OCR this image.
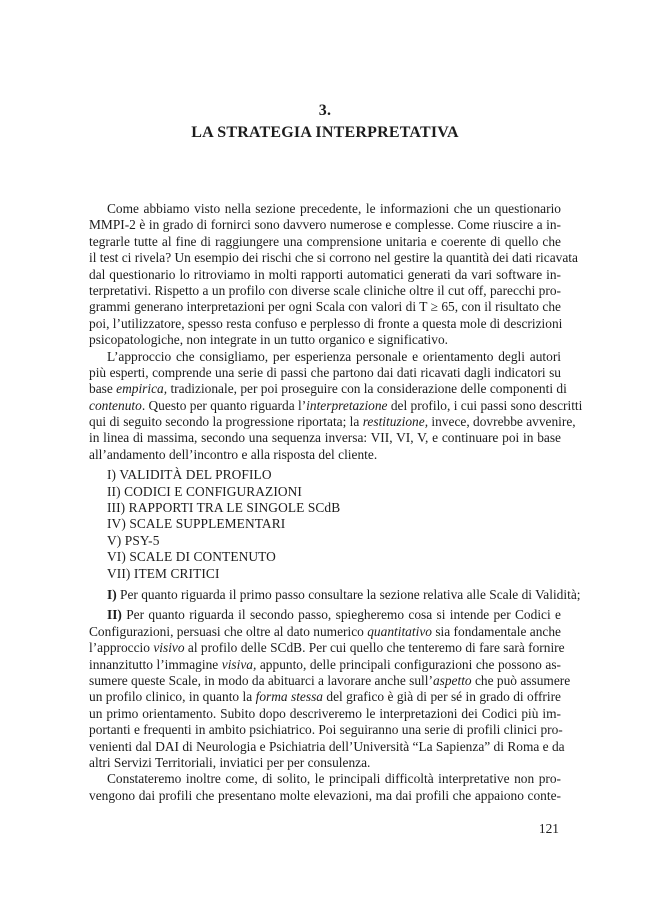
3.
LA STRATEGIA INTERPRETATIVA
Come abbiamo visto nella sezione precedente, le informazioni che un questionario
MMPI-2 è in grado di fornirci sono davvero numerose e complesse. Come riuscire a in-
tegrarle tutte al fine di raggiungere una comprensione unitaria e coerente di quello che
il test ci rivela? Un esempio dei rischi che si corrono nel gestire la quantità dei dati ricavata
dal questionario lo ritroviamo in molti rapporti automatici generati da vari software in-
terpretativi. Rispetto a un profilo con diverse scale cliniche oltre il cut off, parecchi pro-
grammi generano interpretazioni per ogni Scala con valori di T ≥ 65, con il risultato che
poi, l’utilizzatore, spesso resta confuso e perplesso di fronte a questa mole di descrizioni
psicopatologiche, non integrate in un tutto organico e significativo.
L’approccio che consigliamo, per esperienza personale e orientamento degli autori
più esperti, comprende una serie di passi che partono dai dati ricavati dagli indicatori su
base empirica, tradizionale, per poi proseguire con la considerazione delle componenti di
contenuto. Questo per quanto riguarda l’interpretazione del profilo, i cui passi sono descritti
qui di seguito secondo la progressione riportata; la restituzione, invece, dovrebbe avvenire,
in linea di massima, secondo una sequenza inversa: VII, VI, V, e continuare poi in base
all’andamento dell’incontro e alla risposta del cliente.
I) VALIDITÀ DEL PROFILO
II) CODICI E CONFIGURAZIONI
III) RAPPORTI TRA LE SINGOLE SCdB
IV) SCALE SUPPLEMENTARI
V) PSY-5
VI) SCALE DI CONTENUTO
VII) ITEM CRITICI
I) Per quanto riguarda il primo passo consultare la sezione relativa alle Scale di Validità;
II) Per quanto riguarda il secondo passo, spiegheremo cosa si intende per Codici e
Configurazioni, persuasi che oltre al dato numerico quantitativo sia fondamentale anche
l’approccio visivo al profilo delle SCdB. Per cui quello che tenteremo di fare sarà fornire
innanzitutto l’immagine visiva, appunto, delle principali configurazioni che possono as-
sumere queste Scale, in modo da abituarci a lavorare anche sull’aspetto che può assumere
un profilo clinico, in quanto la forma stessa del grafico è già di per sé in grado di offrire
un primo orientamento. Subito dopo descriveremo le interpretazioni dei Codici più im-
portanti e frequenti in ambito psichiatrico. Poi seguiranno una serie di profili clinici pro-
venienti dal DAI di Neurologia e Psichiatria dell’Università “La Sapienza” di Roma e da
altri Servizi Territoriali, inviatici per per consulenza.
Constateremo inoltre come, di solito, le principali difficoltà interpretative non pro-
vengono dai profili che presentano molte elevazioni, ma dai profili che appaiono conte-
121
